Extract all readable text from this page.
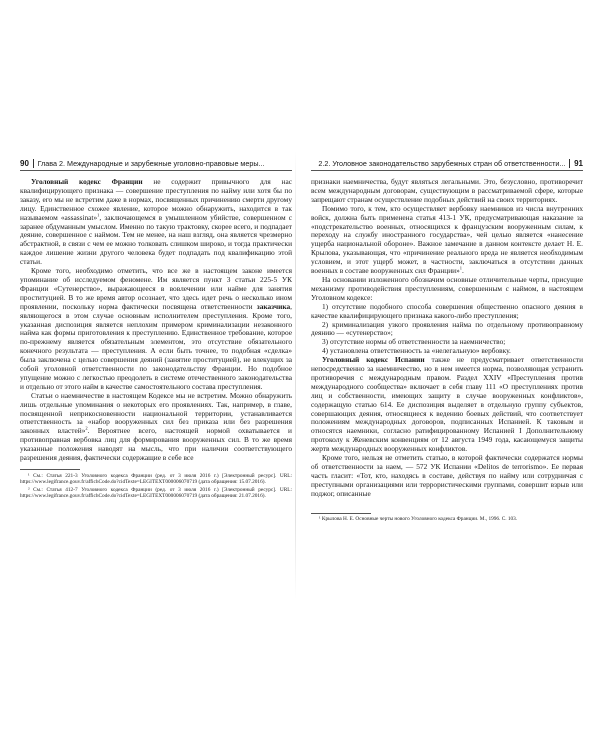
90 Глава 2. Международные и зарубежные уголовно-правовые меры...

Уголовный кодекс Франции не содержит привычного для нас квалифицирующего признака — совершение преступления по найму или хотя бы по заказу, его мы не встретим даже в нормах, посвященных причинению смерти другому лицу. Единственное схожее явление, которое можно обнаружить, находится в так называемом «assassinat»$^1$, заключающемся в умышленном убийстве, совершенном с заранее обдуманным умыслом. Именно по такую трактовку, скорее всего, и подпадает деяние, совершенное с наймом. Тем не менее, на наш взгляд, она является чрезмерно абстрактной, в связи с чем ее можно толковать слишком широко, и тогда практически каждое лишение жизни другого человека будет подпадать под квалификацию этой статьи.

Кроме того, необходимо отметить, что все же в настоящем законе имеется упоминание об исследуемом феномене. Им является пункт 3 статьи 225-5 УК Франции «Сутенерство», выражающееся в вовлечении или найме для занятия проституцией. В то же время автор осознает, что здесь идет речь о несколько ином проявлении, поскольку норма фактически посвящена ответственности заказчика, являющегося в этом случае основным исполнителем преступления. Кроме того, указанная диспозиция является неплохим примером криминализации незаконного найма как формы приготовления к преступлению. Единственное требование, которое по-прежнему является обязательным элементом, это отсутствие обязательного конечного результата — преступления. А если быть точнее, то подобная «сделка» была заключена с целью совершения деяний (занятие проституцией), не влекущих за собой уголовной ответственности по законодательству Франции. Но подобное упущение можно с легкостью преодолеть в системе отечественного законодательства и отдельно от этого найм в качестве самостоятельного состава преступления.

Статьи о наемничестве в настоящем Кодексе мы не встретим. Можно обнаружить лишь отдельные упоминания о некоторых его проявлениях. Так, например, в главе, посвященной неприкосновенности национальной территории, устанавливается ответственность за «набор вооруженных сил без приказа или без разрешения законных властей»$^2$. Вероятнее всего, настоящей нормой охватывается и противоправная вербовка лиц для формирования вооруженных сил. В то же время указанные положения наводят на мысль, что при наличии соответствующего разрешения деяния, фактически содержащие в себе все

¹ См.: Статья 221-3 Уголовного кодекса Франции (ред. от 3 июля 2016 г.) [Электронный ресурс]. URL: https://www.legifrance.gouv.fr/affichCode.do?cidTexte=LEGITEXT000006070719 (дата обращения: 15.07.2016).

² См.: Статья 412-7 Уголовного кодекса Франции (ред. от 3 июля 2016 г.) [Электронный ресурс]. URL: https://www.legifrance.gouv.fr/affichCode.do?cidTexte=LEGITEXT000006070719 (дата обращения: 21.07.2016).

2.2. Уголовное законодательство зарубежных стран об ответственности... 91

признаки наемничества, будут являться легальными. Это, безусловно, противоречит всем международным договорам, существующим в рассматриваемой сфере, которые запрещают странам осуществление подобных действий на своих территориях.

Помимо того, к тем, кто осуществляет вербовку наемников из числа внутренних войск, должна быть применена статья 413-1 УК, предусматривающая наказание за «подстрекательство военных, относящихся к французским вооруженным силам, к переходу на службу иностранного государства», чей целью является «нанесение ущерба национальной обороне». Важное замечание в данном контексте делает Н. Е. Крылова, указывающая, что «причинение реального вреда не является необходимым условием, и этот ущерб может, в частности, заключаться в отсутствии данных военных в составе вооруженных сил Франции»$^1$.

На основании изложенного обозначим основные отличительные черты, присущие механизму противодействия преступлениям, совершенным с наймом, в настоящем Уголовном кодексе:

1) отсутствие подобного способа совершения общественно опасного деяния в качестве квалифицирующего признака какого-либо преступления;

2) криминализация узкого проявления найма по отдельному противоправному деянию — «сутенерство»;

3) отсутствие нормы об ответственности за наемничество;

4) установлена ответственность за «нелегальную» вербовку.

Уголовный кодекс Испании также не предусматривает ответственности непосредственно за наемничество, но в нем имеется норма, позволяющая устранить противоречия с международным правом. Раздел XXIV «Преступления против международного сообщества» включает в себя главу 111 «О преступлениях против лиц и собственности, имеющих защиту в случае вооруженных конфликтов», содержащую статью 614. Ее диспозиция выделяет в отдельную группу субъектов, совершающих деяния, относящиеся к ведению боевых действий, что соответствует положениям международных договоров, подписанных Испанией. К таковым и относятся наемники, согласно ратифицированному Испанией I Дополнительному протоколу к Женевским конвенциям от 12 августа 1949 года, касающемуся защиты жертв международных вооруженных конфликтов.

Кроме того, нельзя не отметить статью, в которой фактически содержатся нормы об ответственности за наем, — 572 УК Испании «Delitos de terrorismo». Ее первая часть гласит: «Тот, кто, находясь в составе, действуя по найму или сотрудничая с преступными организациями или террористическими группами, совершит взрыв или поджог, описанные

¹ Крылова Н. Е. Основные черты нового Уголовного кодекса Франции. М., 1996. С. 103.
